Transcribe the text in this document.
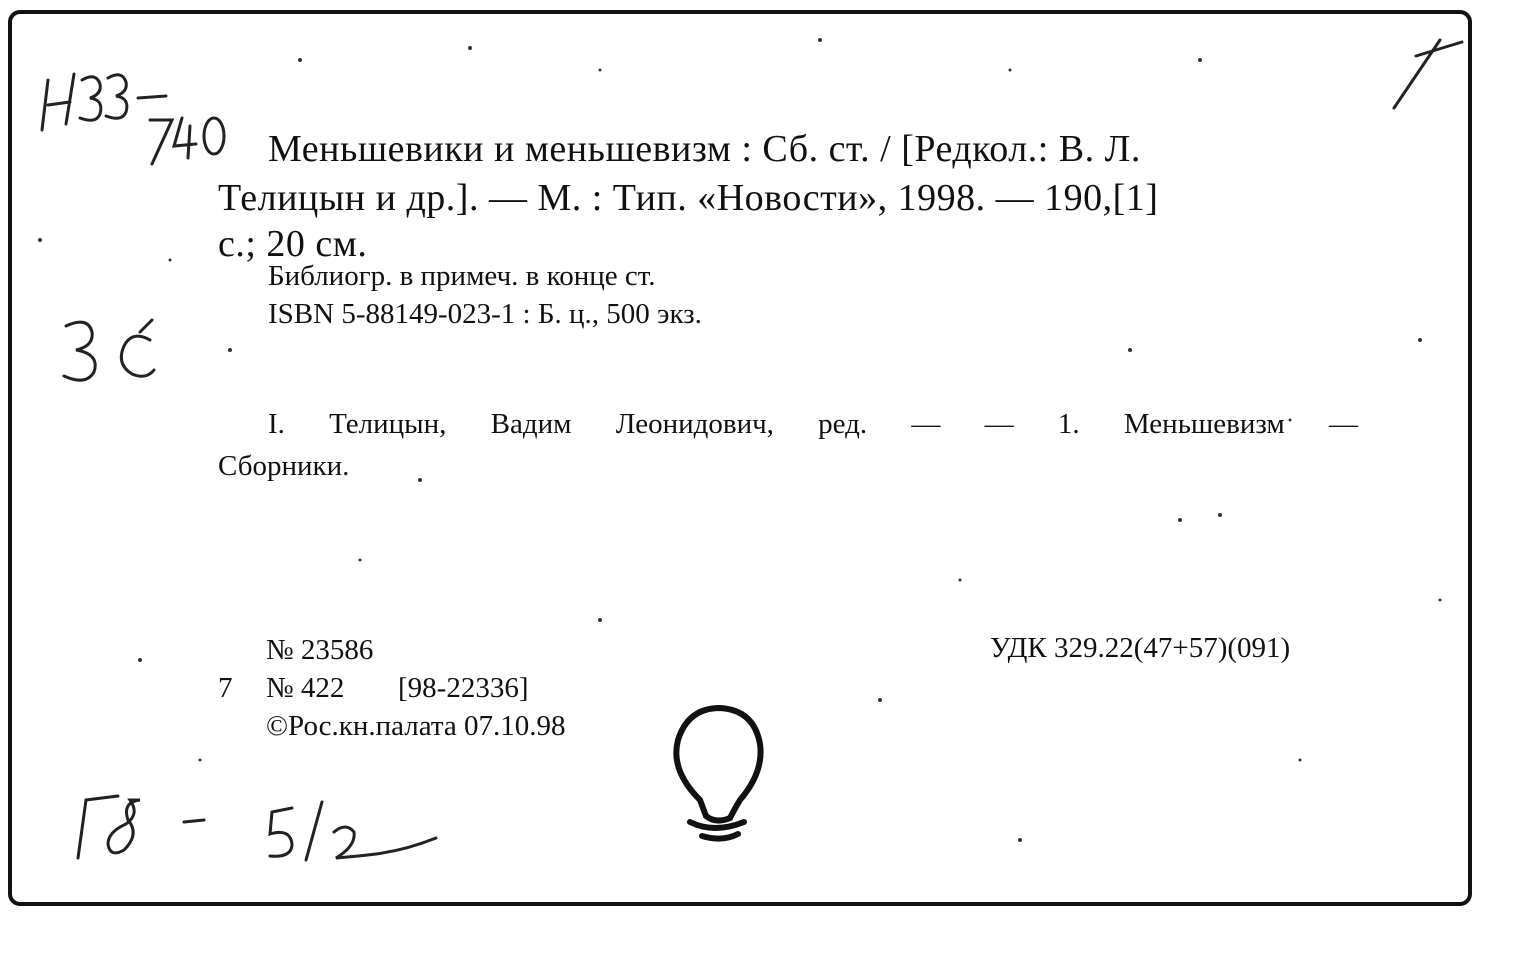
Меньшевики и меньшевизм : Сб. ст. / [Редкол.: В. Л.
Телицын и др.]. — М. : Тип. «Новости», 1998. — 190,[1]
с.; 20 см.
Библиогр. в примеч. в конце ст.
ISBN 5-88149-023-1 : Б. ц., 500 экз.
I. Телицын, Вадим Леонидович, ред. — — 1. Меньшевизм —
Сборники.
№ 23586	УДК 329.22(47+57)(091)
7 № 422 [98-22336]
©Рос.кн.палата 07.10.98
